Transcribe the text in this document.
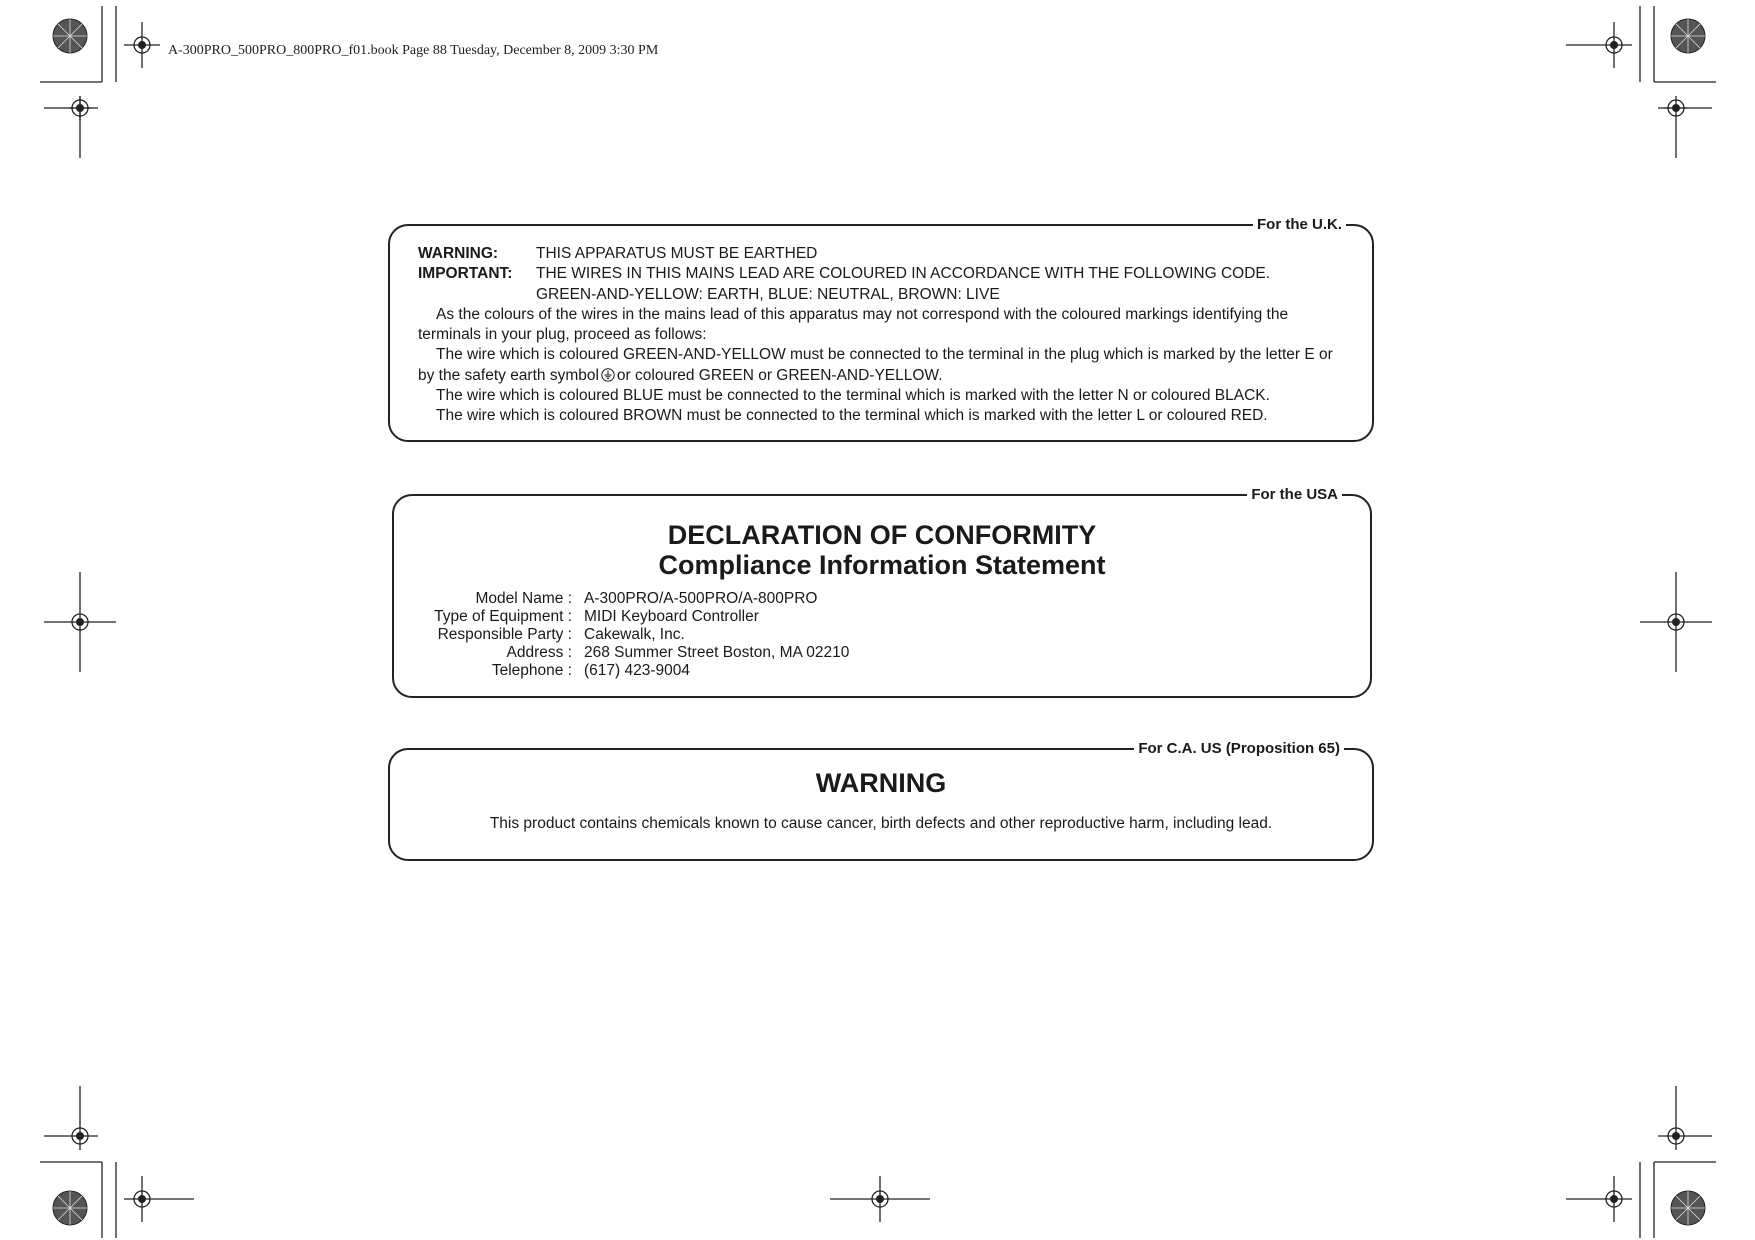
A-300PRO_500PRO_800PRO_f01.book Page 88 Tuesday, December 8, 2009 3:30 PM
For the U.K.
WARNING:	THIS APPARATUS MUST BE EARTHED
IMPORTANT:	THE WIRES IN THIS MAINS LEAD ARE COLOURED IN ACCORDANCE WITH THE FOLLOWING CODE.
GREEN-AND-YELLOW: EARTH, BLUE: NEUTRAL, BROWN: LIVE

As the colours of the wires in the mains lead of this apparatus may not correspond with the coloured markings identifying the terminals in your plug, proceed as follows:

The wire which is coloured GREEN-AND-YELLOW must be connected to the terminal in the plug which is marked by the letter E or by the safety earth symbol or coloured GREEN or GREEN-AND-YELLOW.

The wire which is coloured BLUE must be connected to the terminal which is marked with the letter N or coloured BLACK.

The wire which is coloured BROWN must be connected to the terminal which is marked with the letter L or coloured RED.

For the USA
DECLARATION OF CONFORMITY
Compliance Information Statement
Model Name : A-300PRO/A-500PRO/A-800PRO
Type of Equipment : MIDI Keyboard Controller
Responsible Party : Cakewalk, Inc.
Address : 268 Summer Street Boston, MA 02210
Telephone : (617) 423-9004
For C.A. US (Proposition 65)
WARNING
This product contains chemicals known to cause cancer, birth defects and other reproductive harm, including lead.
